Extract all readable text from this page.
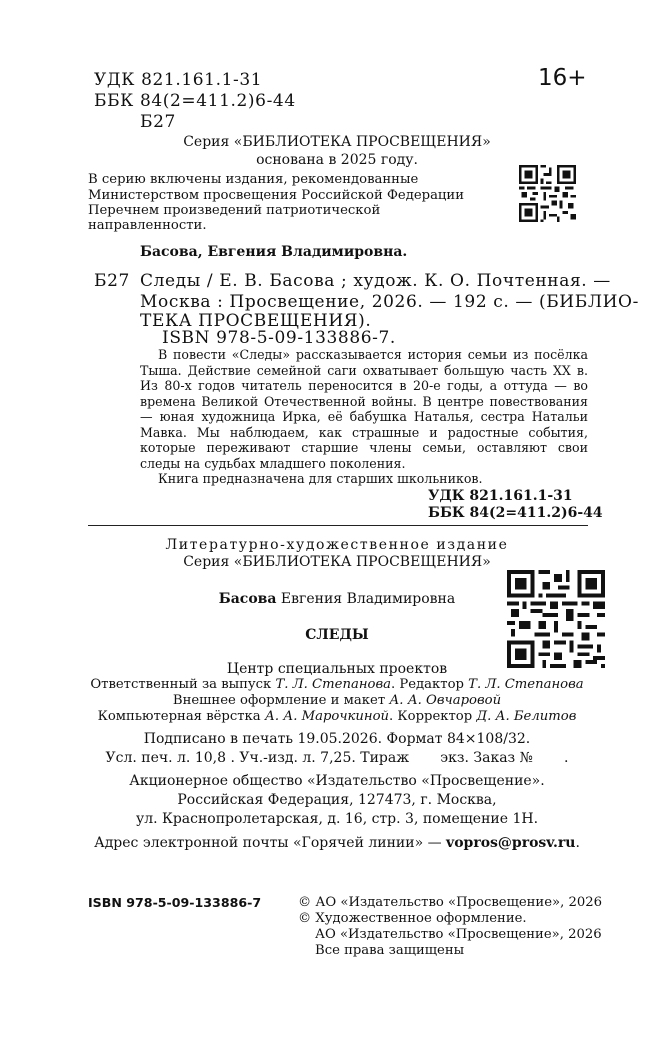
УДК 821.161.1-31
ББК 84(2=411.2)6-44
Б27
16+
Серия «БИБЛИОТЕКА ПРОСВЕЩЕНИЯ»
основана в 2025 году.
В серию включены издания, рекомендованные
Министерством просвещения Российской Федерации
Перечнем произведений патриотической
направленности.
Басова, Евгения Владимировна.
Б27 Следы / Е. В. Басова ; худож. К. О. Почтенная. —
Москва : Просвещение, 2026. — 192 с. — (БИБЛИО-
ТЕКА ПРОСВЕЩЕНИЯ).
ISBN 978-5-09-133886-7.

В повести «Следы» рассказывается история семьи из посёлка Тыша. Действие семейной саги охватывает большую часть XX в. Из 80-х годов читатель переносится в 20-е годы, а оттуда — во времена Великой Отечественной войны. В центре повествования — юная художница Ирка, её бабушка Наталья, сестра Натальи Мавка. Мы наблюдаем, как страшные и радостные события, которые переживают старшие члены семьи, оставляют свои следы на судьбах младшего поколения.

Книга предназначена для старших школьников.

УДК 821.161.1-31
ББК 84(2=411.2)6-44
Литературно-художественное издание
Серия «БИБЛИОТЕКА ПРОСВЕЩЕНИЯ»
Басова Евгения Владимировна
СЛЕДЫ
Центр специальных проектов
Ответственный за выпуск Т. Л. Степанова. Редактор Т. Л. Степанова
Внешнее оформление и макет А. А. Овчаровой
Компьютерная вёрстка А. А. Марочкиной. Корректор Д. А. Белитов
Подписано в печать 19.05.2026. Формат 84×108/32.
Усл. печ. л. 10,8 . Уч.-изд. л. 7,25. Тираж       экз. Заказ №       .
Акционерное общество «Издательство «Просвещение».
Российская Федерация, 127473, г. Москва,
ул. Краснопролетарская, д. 16, стр. 3, помещение 1Н.
Адрес электронной почты «Горячей линии» — vopros@prosv.ru.
ISBN 978-5-09-133886-7	© АО «Издательство «Просвещение», 2026
© Художественное оформление.
АО «Издательство «Просвещение», 2026
Все права защищены
